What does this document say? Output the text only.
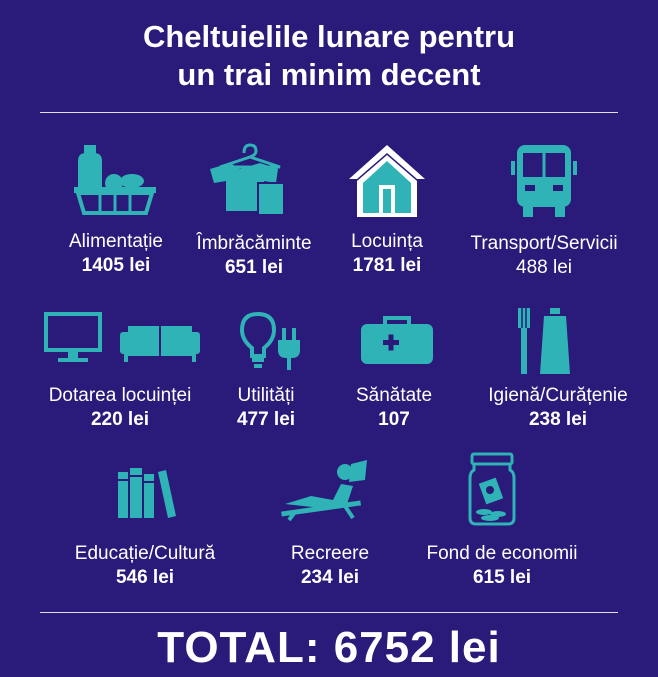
Cheltuielile lunare pentru
un trai minim decent
Alimentație
1405 lei
Îmbrăcăminte
651 lei
Locuința
1781 lei
Transport/Servicii
488 lei
Dotarea locuinței
220 lei
Utilități
477 lei
Sănătate
107
Igienă/Curățenie
238 lei
Educație/Cultură
546 lei
Recreere
234 lei
Fond de economii
615 lei
TOTAL: 6752 lei
